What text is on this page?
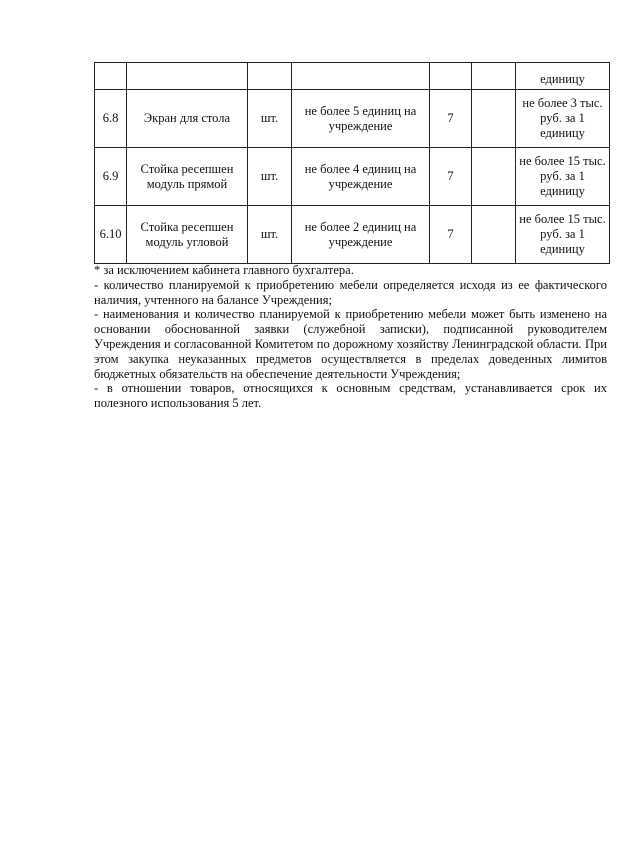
						единицу
6.8	Экран для стола	шт.	не более 5 единиц на учреждение	7		не более 3 тыс. руб. за 1 единицу
6.9	Стойка ресепшен модуль прямой	шт.	не более 4 единиц на учреждение	7		не более 15 тыс. руб. за 1 единицу
6.10	Стойка ресепшен модуль угловой	шт.	не более 2 единиц на учреждение	7		не более 15 тыс. руб. за 1 единицу

* за исключением кабинета главного бухгалтера.

- количество планируемой к приобретению мебели определяется исходя из ее фактического наличия, учтенного на балансе Учреждения;

- наименования и количество планируемой к приобретению мебели может быть изменено на основании обоснованной заявки (служебной записки), подписанной руководителем Учреждения и согласованной Комитетом по дорожному хозяйству Ленинградской области. При этом закупка неуказанных предметов осуществляется в пределах доведенных лимитов бюджетных обязательств на обеспечение деятельности Учреждения;

- в отношении товаров, относящихся к основным средствам, устанавливается срок их полезного использования 5 лет.
